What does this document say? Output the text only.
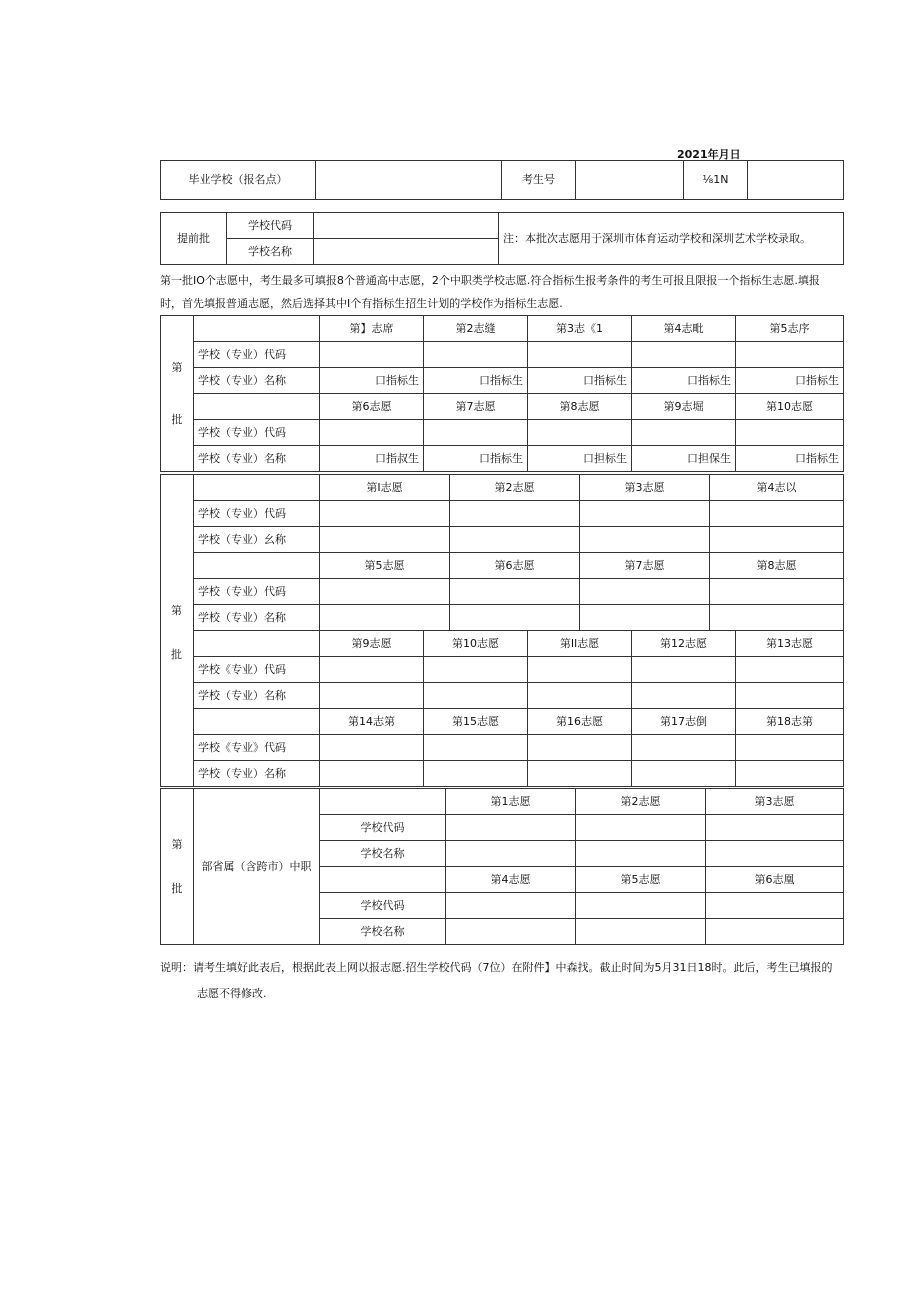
2021年月日
毕业学校（报名点）		考生号		⅛1N	
提前批	学校代码		注：本批次志愿用于深圳市体育运动学校和深圳艺术学校录取。
	学校名称		
第一批IO个志愿中，考生最多可填报8个普通高中志愿，2个中职类学校志愿.符合指标生报考条件的考生可报且限报一个指标生志愿.填报
时，首先填报普通志愿，然后选择其中I个有指标生招生计划的学校作为指标生志愿.
第
批		第】志席	第2志缝	第3志《1	第4志毗	第5志序
	学校（专业）代码					
	学校（专业）名称	口指标生	口指标生	口指标生	口指标生	口指标生
		第6志愿	第7志愿	第8志愿	第9志堀	第10志愿
	学校（专业）代码					
	学校（专业）名称	口指叔生	口指标生	口担标生	口担保生	口指标生
		第I志愿	第2志愿	第3志愿	第4志以
	学校（专业）代码				
	学校（专业）幺称				
		第5志愿	第6志愿	第7志愿	第8志愿
	学校（专业）代码				
	学校（专业）名称				
		第9志愿	第10志愿	第Il志愿	第12志愿	第13志愿
	学校《专业）代码					
	学校（专业）名称					
		第14志第	第15志愿	第16志愿	第17志倒	第18志第
	学校《专业》代码					
	学校（专业）名称					
第
批
第
批	部省属（含跨市）中职		第1志愿	第2志愿	第3志愿
		学校代码			
		学校名称			
			第4志愿	第5志愿	第6志凰
		学校代码			
		学校名称			
说明：请考生填好此表后，根据此表上网以报志愿.招生学校代码（7位）在附件】中森找。截止时间为5月31日18时。此后，考生已填报的
志愿不得修改.
